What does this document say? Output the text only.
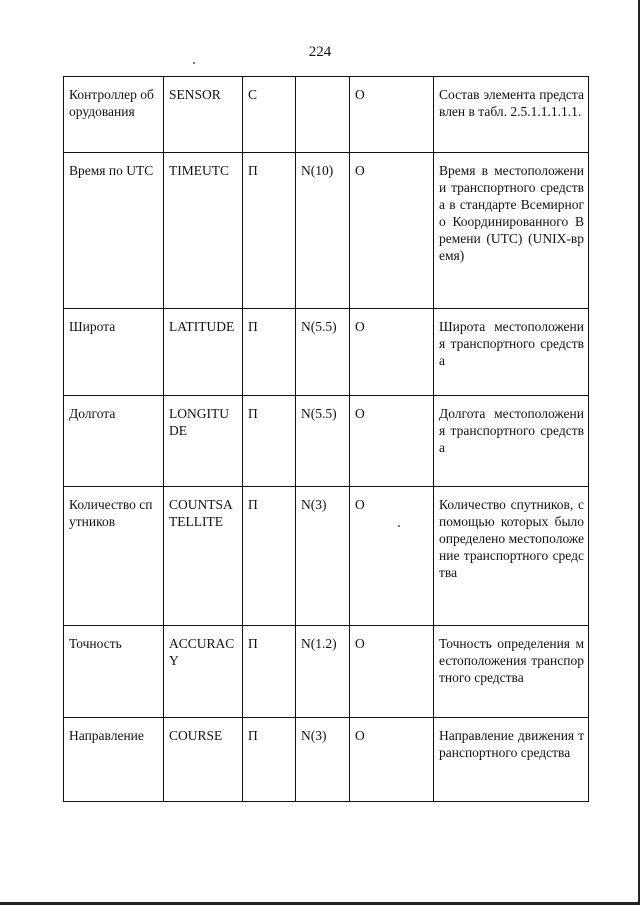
224
Контроллер оборудования	SENSOR	С		О	Состав элемента представлен в табл. 2.5.1.1.1.1.1.
Время по UTC	TIMEUTC	П	N(10)	О	Время в местоположении транспортного средства в стандарте Всемирного Координированного Времени (UTC) (UNIX-время)
Широта	LATITUDE	П	N(5.5)	О	Широта местоположения транспортного средства
Долгота	LONGITUDE	П	N(5.5)	О	Долгота местоположения транспортного средства
Количество спутников	COUNTSATELLITE	П	N(3)	О	Количество спутников, с помощью которых было определено местоположение транспортного средства
Точность	ACCURACY	П	N(1.2)	О	Точность определения местоположения транспортного средства
Направление	COURSE	П	N(3)	О	Направление движения транспортного средства
